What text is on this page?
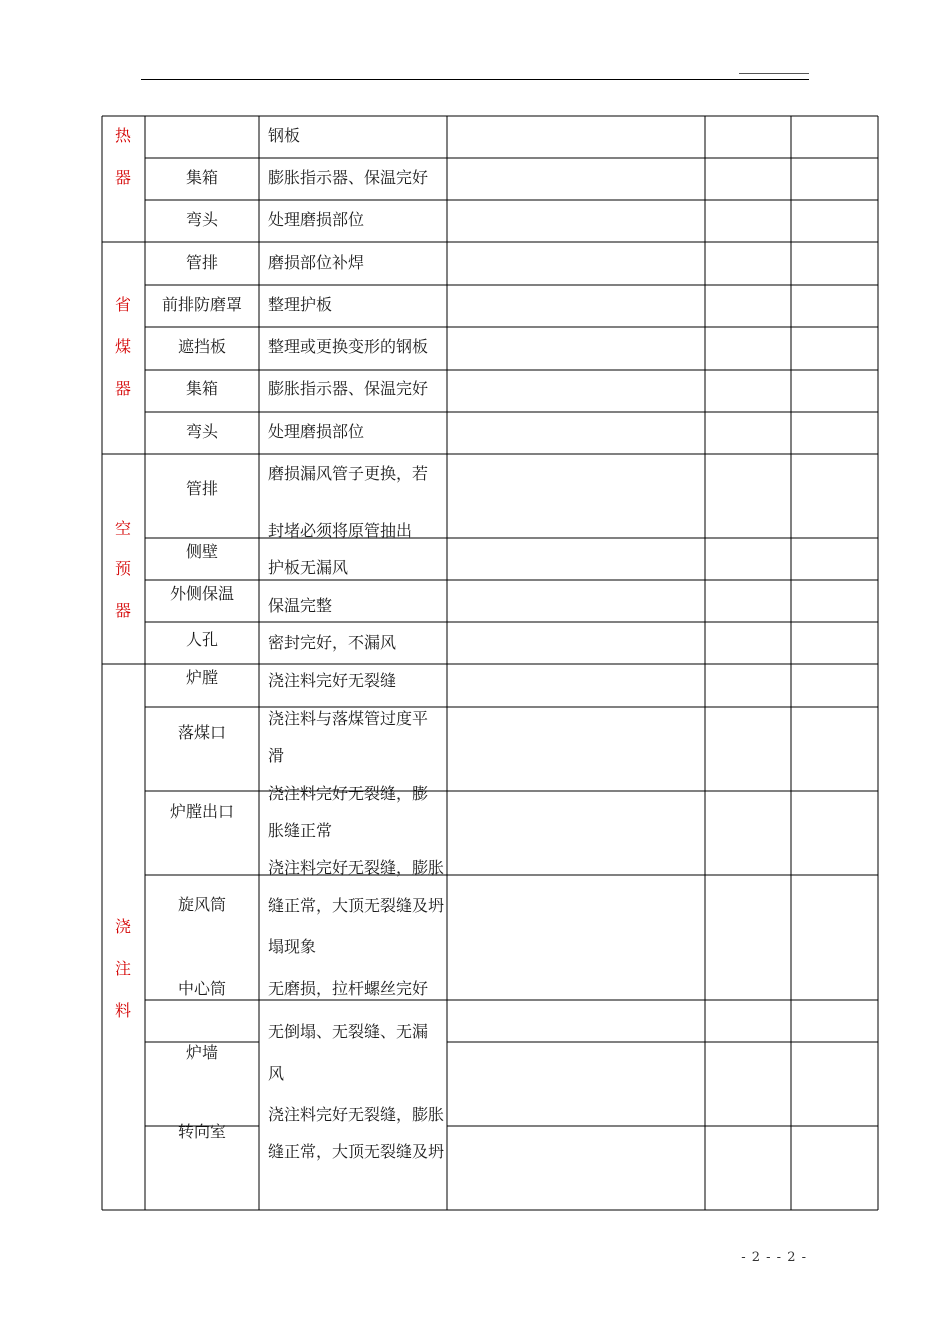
热
器
省
煤
器
空
预
器
浇
注
料
集箱
弯头
管排
前排防磨罩
遮挡板
集箱
弯头
管排
侧壁
外侧保温
人孔
炉膛
落煤口
炉膛出口
旋风筒
中心筒
炉墙
转向室
钢板
膨胀指示器、保温完好
处理磨损部位
磨损部位补焊
整理护板
整理或更换变形的钢板
膨胀指示器、保温完好
处理磨损部位
磨损漏风管子更换，若
封堵必须将原管抽出
护板无漏风
保温完整
密封完好，不漏风
浇注料完好无裂缝
浇注料与落煤管过度平
滑
浇注料完好无裂缝，膨
胀缝正常
浇注料完好无裂缝，膨胀
缝正常，大顶无裂缝及坍
塌现象
无磨损，拉杆螺丝完好
无倒塌、无裂缝、无漏
风
浇注料完好无裂缝，膨胀
缝正常，大顶无裂缝及坍
- 2 - - 2 -
